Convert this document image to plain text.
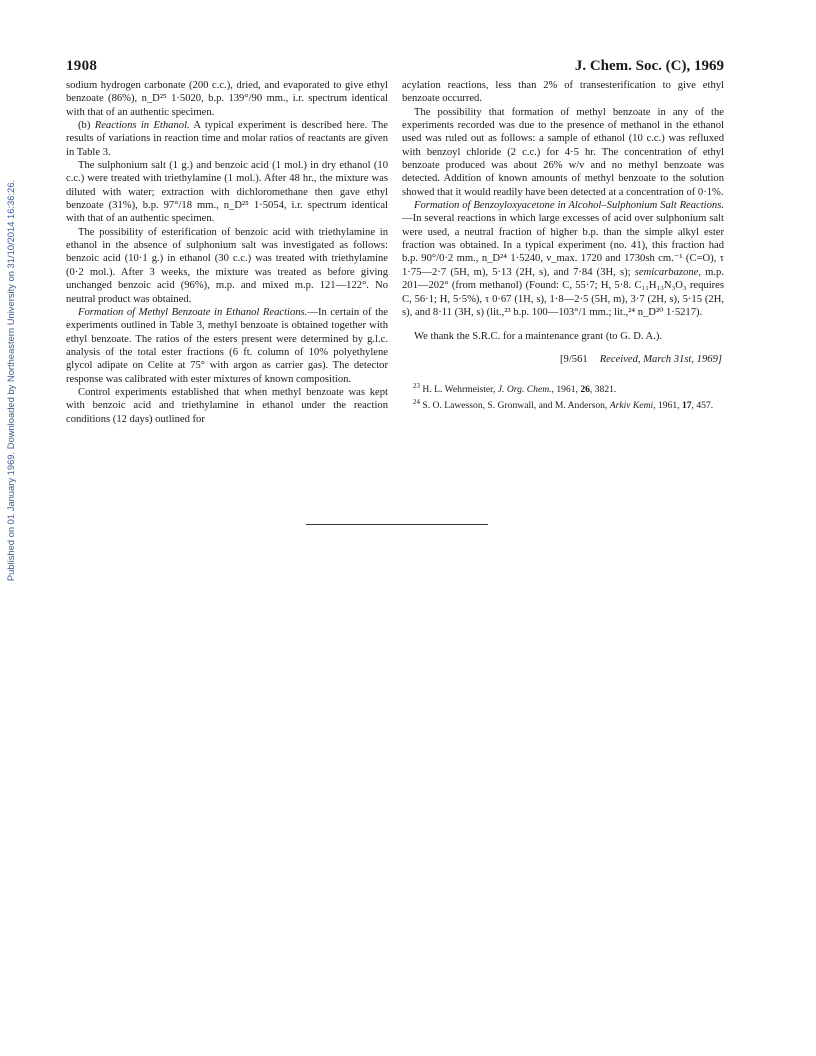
Published on 01 January 1969. Downloaded by Northeastern University on 31/10/2014 16:36:26.
1908	J. Chem. Soc. (C), 1969

sodium hydrogen carbonate (200 c.c.), dried, and evaporated to give ethyl benzoate (86%), n_D²⁵ 1·5020, b.p. 139°/90 mm., i.r. spectrum identical with that of an authentic specimen.

(b) Reactions in Ethanol. A typical experiment is described here. The results of variations in reaction time and molar ratios of reactants are given in Table 3.

The sulphonium salt (1 g.) and benzoic acid (1 mol.) in dry ethanol (10 c.c.) were treated with triethylamine (1 mol.). After 48 hr., the mixture was diluted with water; extraction with dichloromethane then gave ethyl benzoate (31%), b.p. 97°/18 mm., n_D²⁵ 1·5054, i.r. spectrum identical with that of an authentic specimen.

The possibility of esterification of benzoic acid with triethylamine in ethanol in the absence of sulphonium salt was investigated as follows: benzoic acid (10·1 g.) in ethanol (30 c.c.) was treated with triethylamine (0·2 mol.). After 3 weeks, the mixture was treated as before giving unchanged benzoic acid (96%), m.p. and mixed m.p. 121—122°. No neutral product was obtained.

Formation of Methyl Benzoate in Ethanol Reactions.—In certain of the experiments outlined in Table 3, methyl benzoate is obtained together with ethyl benzoate. The ratios of the esters present were determined by g.l.c. analysis of the total ester fractions (6 ft. column of 10% polyethylene glycol adipate on Celite at 75° with argon as carrier gas). The detector response was calibrated with ester mixtures of known composition.

Control experiments established that when methyl benzoate was kept with benzoic acid and triethylamine in ethanol under the reaction conditions (12 days) outlined for

acylation reactions, less than 2% of transesterification to give ethyl benzoate occurred.

The possibility that formation of methyl benzoate in any of the experiments recorded was due to the presence of methanol in the ethanol used was ruled out as follows: a sample of ethanol (10 c.c.) was refluxed with benzoyl chloride (2 c.c.) for 4·5 hr. The concentration of ethyl benzoate produced was about 26% w/v and no methyl benzoate was detected. Addition of known amounts of methyl benzoate to the solution showed that it would readily have been detected at a concentration of 0·1%.

Formation of Benzoyloxyacetone in Alcohol–Sulphonium Salt Reactions.—In several reactions in which large excesses of acid over sulphonium salt were used, a neutral fraction of higher b.p. than the simple alkyl ester fraction was obtained. In a typical experiment (no. 41), this fraction had b.p. 90°/0·2 mm., n_D²⁴ 1·5240, ν_max. 1720 and 1730sh cm.⁻¹ (C=O), τ 1·75—2·7 (5H, m), 5·13 (2H, s), and 7·84 (3H, s); semicarbazone, m.p. 201—202° (from methanol) (Found: C, 55·7; H, 5·8. C₁₁H₁₃N₃O₃ requires C, 56·1; H, 5·5%), τ 0·67 (1H, s), 1·8—2·5 (5H, m), 3·7 (2H, s), 5·15 (2H, s), and 8·11 (3H, s) (lit.,²³ b.p. 100—103°/1 mm.; lit.,²⁴ n_D²⁰ 1·5217).

We thank the S.R.C. for a maintenance grant (to G. D. A.).

[9/561 Received, March 31st, 1969]

$^{23}$ H. L. Wehrmeister, J. Org. Chem., 1961, 26, 3821.
$^{24}$ S. O. Lawesson, S. Gronwall, and M. Anderson, Arkiv Kemi, 1961, 17, 457.
